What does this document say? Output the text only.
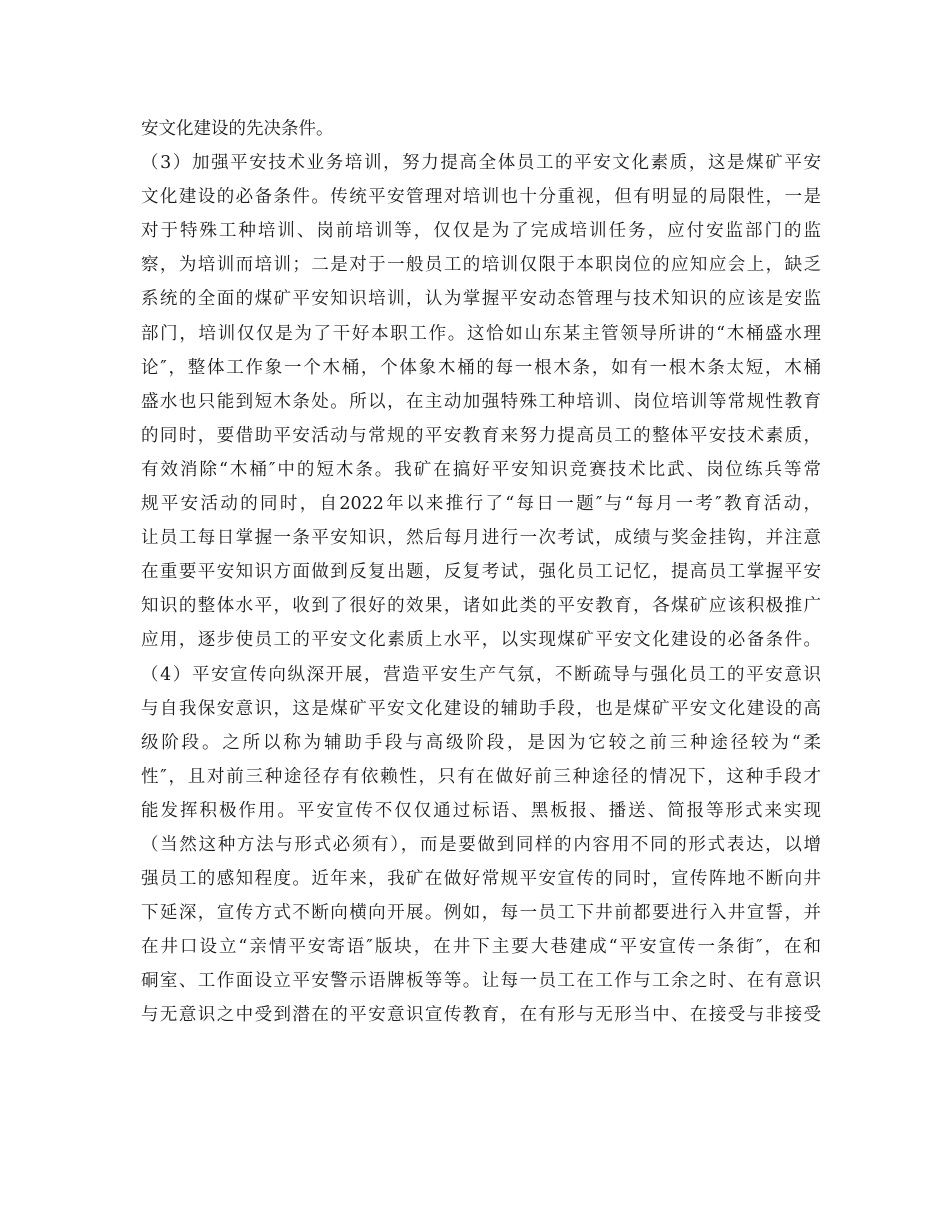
安文化建设的先决条件。
（3）加强平安技术业务培训，努力提高全体员工的平安文化素质，这是煤矿平安
文化建设的必备条件。传统平安管理对培训也十分重视，但有明显的局限性，一是
对于特殊工种培训、岗前培训等，仅仅是为了完成培训任务，应付安监部门的监
察，为培训而培训；二是对于一般员工的培训仅限于本职岗位的应知应会上，缺乏
系统的全面的煤矿平安知识培训，认为掌握平安动态管理与技术知识的应该是安监
部门，培训仅仅是为了干好本职工作。这恰如山东某主管领导所讲的“木桶盛水理
论″，整体工作象一个木桶，个体象木桶的每一根木条，如有一根木条太短，木桶
盛水也只能到短木条处。所以，在主动加强特殊工种培训、岗位培训等常规性教育
的同时，要借助平安活动与常规的平安教育来努力提高员工的整体平安技术素质，
有效消除“木桶″中的短木条。我矿在搞好平安知识竞赛技术比武、岗位练兵等常
规平安活动的同时，自2022年以来推行了“每日一题″与“每月一考″教育活动，
让员工每日掌握一条平安知识，然后每月进行一次考试，成绩与奖金挂钩，并注意
在重要平安知识方面做到反复出题，反复考试，强化员工记忆，提高员工掌握平安
知识的整体水平，收到了很好的效果，诸如此类的平安教育，各煤矿应该积极推广
应用，逐步使员工的平安文化素质上水平，以实现煤矿平安文化建设的必备条件。
（4）平安宣传向纵深开展，营造平安生产气氛，不断疏导与强化员工的平安意识
与自我保安意识，这是煤矿平安文化建设的辅助手段，也是煤矿平安文化建设的高
级阶段。之所以称为辅助手段与高级阶段，是因为它较之前三种途径较为“柔
性″，且对前三种途径存有依赖性，只有在做好前三种途径的情况下，这种手段才
能发挥积极作用。平安宣传不仅仅通过标语、黑板报、播送、简报等形式来实现
（当然这种方法与形式必须有），而是要做到同样的内容用不同的形式表达，以增
强员工的感知程度。近年来，我矿在做好常规平安宣传的同时，宣传阵地不断向井
下延深，宣传方式不断向横向开展。例如，每一员工下井前都要进行入井宣誓，并
在井口设立“亲情平安寄语″版块，在井下主要大巷建成“平安宣传一条街″，在和
硐室、工作面设立平安警示语牌板等等。让每一员工在工作与工余之时、在有意识
与无意识之中受到潜在的平安意识宣传教育，在有形与无形当中、在接受与非接受
